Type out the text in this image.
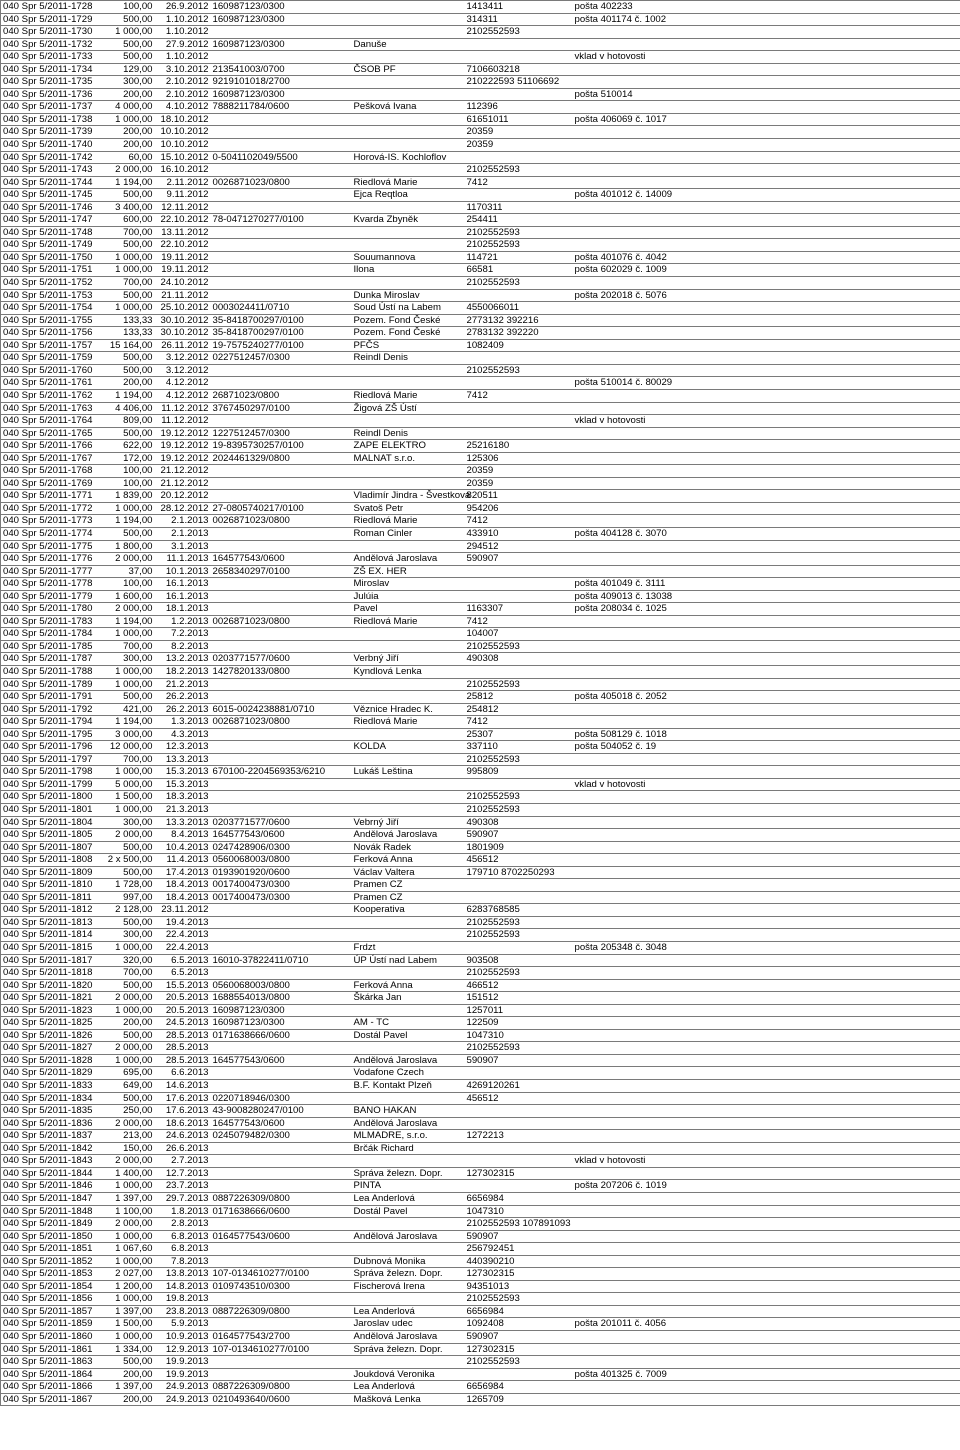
040 Spr 5/2011-1728	100,00	26.9.2012	160987123/0300		1413411	pošta 402233
040 Spr 5/2011-1729	500,00	1.10.2012	160987123/0300		314311	pošta 401174 č. 1002
040 Spr 5/2011-1730	1 000,00	1.10.2012			2102552593	
040 Spr 5/2011-1732	500,00	27.9.2012	160987123/0300	Danuše		
040 Spr 5/2011-1733	500,00	1.10.2012				vklad v hotovosti
040 Spr 5/2011-1734	129,00	3.10.2012	213541003/0700	ČSOB PF	7106603218	
040 Spr 5/2011-1735	300,00	2.10.2012	9219101018/2700		210222593 51106692	
040 Spr 5/2011-1736	200,00	2.10.2012	160987123/0300			pošta 510014
040 Spr 5/2011-1737	4 000,00	4.10.2012	7888211784/0600	Pešková Ivana	112396	
040 Spr 5/2011-1738	1 000,00	18.10.2012			61651011	pošta 406069 č. 1017
040 Spr 5/2011-1739	200,00	10.10.2012			20359	
040 Spr 5/2011-1740	200,00	10.10.2012			20359	
040 Spr 5/2011-1742	60,00	15.10.2012	0-5041102049/5500	Horová-IS. Kochloflov		
040 Spr 5/2011-1743	2 000,00	16.10.2012			2102552593	
040 Spr 5/2011-1744	1 194,00	2.11.2012	0026871023/0800	Riedlová Marie	7412	
040 Spr 5/2011-1745	500,00	9.11.2012		Ejca Reqtloa		pošta 401012 č. 14009
040 Spr 5/2011-1746	3 400,00	12.11.2012			1170311	
040 Spr 5/2011-1747	600,00	22.10.2012	78-0471270277/0100	Kvarda Zbyněk	254411	
040 Spr 5/2011-1748	700,00	13.11.2012			2102552593	
040 Spr 5/2011-1749	500,00	22.10.2012			2102552593	
040 Spr 5/2011-1750	1 000,00	19.11.2012		Souumannova	114721	pošta 401076 č. 4042
040 Spr 5/2011-1751	1 000,00	19.11.2012		Ilona	66581	pošta 602029 č. 1009
040 Spr 5/2011-1752	700,00	24.10.2012			2102552593	
040 Spr 5/2011-1753	500,00	21.11.2012		Dunka Miroslav		pošta 202018 č. 5076
040 Spr 5/2011-1754	1 000,00	25.10.2012	0003024411/0710	Soud Ústí na Labem	4550066011	
040 Spr 5/2011-1755	133,33	30.10.2012	35-8418700297/0100	Pozem. Fond České	2773132 392216	
040 Spr 5/2011-1756	133,33	30.10.2012	35-8418700297/0100	Pozem. Fond České	2783132 392220	
040 Spr 5/2011-1757	15 164,00	26.11.2012	19-7575240277/0100	PFČS	1082409	
040 Spr 5/2011-1759	500,00	3.12.2012	0227512457/0300	Reindl Denis		
040 Spr 5/2011-1760	500,00	3.12.2012			2102552593	
040 Spr 5/2011-1761	200,00	4.12.2012				pošta 510014 č. 80029
040 Spr 5/2011-1762	1 194,00	4.12.2012	26871023/0800	Riedlová Marie	7412	
040 Spr 5/2011-1763	4 406,00	11.12.2012	3767450297/0100	Žigová ZŠ Ústí		
040 Spr 5/2011-1764	809,00	11.12.2012				vklad v hotovosti
040 Spr 5/2011-1765	500,00	19.12.2012	1227512457/0300	Reindl Denis		
040 Spr 5/2011-1766	622,00	19.12.2012	19-8395730257/0100	ZAPE ELEKTRO	25216180	
040 Spr 5/2011-1767	172,00	19.12.2012	2024461329/0800	MALNAT s.r.o.	125306	
040 Spr 5/2011-1768	100,00	21.12.2012			20359	
040 Spr 5/2011-1769	100,00	21.12.2012			20359	
040 Spr 5/2011-1771	1 839,00	20.12.2012		Vladimír Jindra - Švestková	820511	
040 Spr 5/2011-1772	1 000,00	28.12.2012	27-0805740217/0100	Svatoš Petr	954206	
040 Spr 5/2011-1773	1 194,00	2.1.2013	0026871023/0800	Riedlová Marie	7412	
040 Spr 5/2011-1774	500,00	2.1.2013		Roman Cinler	433910	pošta 404128 č. 3070
040 Spr 5/2011-1775	1 800,00	3.1.2013			294512	
040 Spr 5/2011-1776	2 000,00	11.1.2013	164577543/0600	Andělová Jaroslava	590907	
040 Spr 5/2011-1777	37,00	10.1.2013	2658340297/0100	ZŠ EX. HER		
040 Spr 5/2011-1778	100,00	16.1.2013		Miroslav		pošta 401049 č. 3111
040 Spr 5/2011-1779	1 600,00	16.1.2013		Julúia		pošta 409013 č. 13038
040 Spr 5/2011-1780	2 000,00	18.1.2013		Pavel	1163307	pošta 208034 č. 1025
040 Spr 5/2011-1783	1 194,00	1.2.2013	0026871023/0800	Riedlová Marie	7412	
040 Spr 5/2011-1784	1 000,00	7.2.2013			104007	
040 Spr 5/2011-1785	700,00	8.2.2013			2102552593	
040 Spr 5/2011-1787	300,00	13.2.2013	0203771577/0600	Verbný Jiří	490308	
040 Spr 5/2011-1788	1 000,00	18.2.2013	1427820133/0800	Kyndlová Lenka		
040 Spr 5/2011-1789	1 000,00	21.2.2013			2102552593	
040 Spr 5/2011-1791	500,00	26.2.2013			25812	pošta 405018 č. 2052
040 Spr 5/2011-1792	421,00	26.2.2013	6015-0024238881/0710	Věznice Hradec K.	254812	
040 Spr 5/2011-1794	1 194,00	1.3.2013	0026871023/0800	Riedlová Marie	7412	
040 Spr 5/2011-1795	3 000,00	4.3.2013			25307	pošta 508129 č. 1018
040 Spr 5/2011-1796	12 000,00	12.3.2013		KOLDA	337110	pošta 504052 č. 19
040 Spr 5/2011-1797	700,00	13.3.2013			2102552593	
040 Spr 5/2011-1798	1 000,00	15.3.2013	670100-2204569353/6210	Lukáš Leština	995809	
040 Spr 5/2011-1799	5 000,00	15.3.2013				vklad v hotovosti
040 Spr 5/2011-1800	1 500,00	18.3.2013			2102552593	
040 Spr 5/2011-1801	1 000,00	21.3.2013			2102552593	
040 Spr 5/2011-1804	300,00	13.3.2013	0203771577/0600	Vebrný Jiří	490308	
040 Spr 5/2011-1805	2 000,00	8.4.2013	164577543/0600	Andělová Jaroslava	590907	
040 Spr 5/2011-1807	500,00	10.4.2013	0247428906/0300	Novák Radek	1801909	
040 Spr 5/2011-1808	2 x 500,00	11.4.2013	0560068003/0800	Ferková Anna	456512	
040 Spr 5/2011-1809	500,00	17.4.2013	0193901920/0600	Václav Valtera	179710 8702250293	
040 Spr 5/2011-1810	1 728,00	18.4.2013	0017400473/0300	Pramen CZ		
040 Spr 5/2011-1811	997,00	18.4.2013	0017400473/0300	Pramen CZ		
040 Spr 5/2011-1812	2 128,00	23.11.2012		Kooperativa	6283768585	
040 Spr 5/2011-1813	500,00	19.4.2013			2102552593	
040 Spr 5/2011-1814	300,00	22.4.2013			2102552593	
040 Spr 5/2011-1815	1 000,00	22.4.2013		Frdzt		pošta 205348 č. 3048
040 Spr 5/2011-1817	320,00	6.5.2013	16010-37822411/0710	ÚP Ústí nad Labem	903508	
040 Spr 5/2011-1818	700,00	6.5.2013			2102552593	
040 Spr 5/2011-1820	500,00	15.5.2013	0560068003/0800	Ferková Anna	466512	
040 Spr 5/2011-1821	2 000,00	20.5.2013	1688554013/0800	Škárka Jan	151512	
040 Spr 5/2011-1823	1 000,00	20.5.2013	160987123/0300		1257011	
040 Spr 5/2011-1825	200,00	24.5.2013	160987123/0300	AM - TC	122509	
040 Spr 5/2011-1826	500,00	28.5.2013	0171638666/0600	Dostál Pavel	1047310	
040 Spr 5/2011-1827	2 000,00	28.5.2013			2102552593	
040 Spr 5/2011-1828	1 000,00	28.5.2013	164577543/0600	Andělová Jaroslava	590907	
040 Spr 5/2011-1829	695,00	6.6.2013		Vodafone Czech		
040 Spr 5/2011-1833	649,00	14.6.2013		B.F. Kontakt Plzeň	4269120261	
040 Spr 5/2011-1834	500,00	17.6.2013	0220718946/0300		456512	
040 Spr 5/2011-1835	250,00	17.6.2013	43-9008280247/0100	BANO HAKAN		
040 Spr 5/2011-1836	2 000,00	18.6.2013	164577543/0600	Andělová Jaroslava		
040 Spr 5/2011-1837	213,00	24.6.2013	0245079482/0300	MLMADRE, s.r.o.	1272213	
040 Spr 5/2011-1842	150,00	26.6.2013		Brčák Richard		
040 Spr 5/2011-1843	2 000,00	2.7.2013				vklad v hotovosti
040 Spr 5/2011-1844	1 400,00	12.7.2013		Správa železn. Dopr.	127302315	
040 Spr 5/2011-1846	1 000,00	23.7.2013		PINTA		pošta 207206 č. 1019
040 Spr 5/2011-1847	1 397,00	29.7.2013	0887226309/0800	Lea Anderlová	6656984	
040 Spr 5/2011-1848	1 100,00	1.8.2013	0171638666/0600	Dostál Pavel	1047310	
040 Spr 5/2011-1849	2 000,00	2.8.2013			2102552593 107891093	
040 Spr 5/2011-1850	1 000,00	6.8.2013	0164577543/0600	Andělová Jaroslava	590907	
040 Spr 5/2011-1851	1 067,60	6.8.2013			256792451	
040 Spr 5/2011-1852	1 000,00	7.8.2013		Dubnová Monika	440390210	
040 Spr 5/2011-1853	2 027,00	13.8.2013	107-0134610277/0100	Správa železn. Dopr.	127302315	
040 Spr 5/2011-1854	1 200,00	14.8.2013	0109743510/0300	Fischerová Irena	94351013	
040 Spr 5/2011-1856	1 000,00	19.8.2013			2102552593	
040 Spr 5/2011-1857	1 397,00	23.8.2013	0887226309/0800	Lea Anderlová	6656984	
040 Spr 5/2011-1859	1 500,00	5.9.2013		Jaroslav udec	1092408	pošta 201011 č. 4056
040 Spr 5/2011-1860	1 000,00	10.9.2013	0164577543/2700	Andělová Jaroslava	590907	
040 Spr 5/2011-1861	1 334,00	12.9.2013	107-0134610277/0100	Správa železn. Dopr.	127302315	
040 Spr 5/2011-1863	500,00	19.9.2013			2102552593	
040 Spr 5/2011-1864	200,00	19.9.2013		Joukdová Veronika		pošta 401325 č. 7009
040 Spr 5/2011-1866	1 397,00	24.9.2013	0887226309/0800	Lea Anderlová	6656984	
040 Spr 5/2011-1867	200,00	24.9.2013	0210493640/0600	Mašková Lenka	1265709	
